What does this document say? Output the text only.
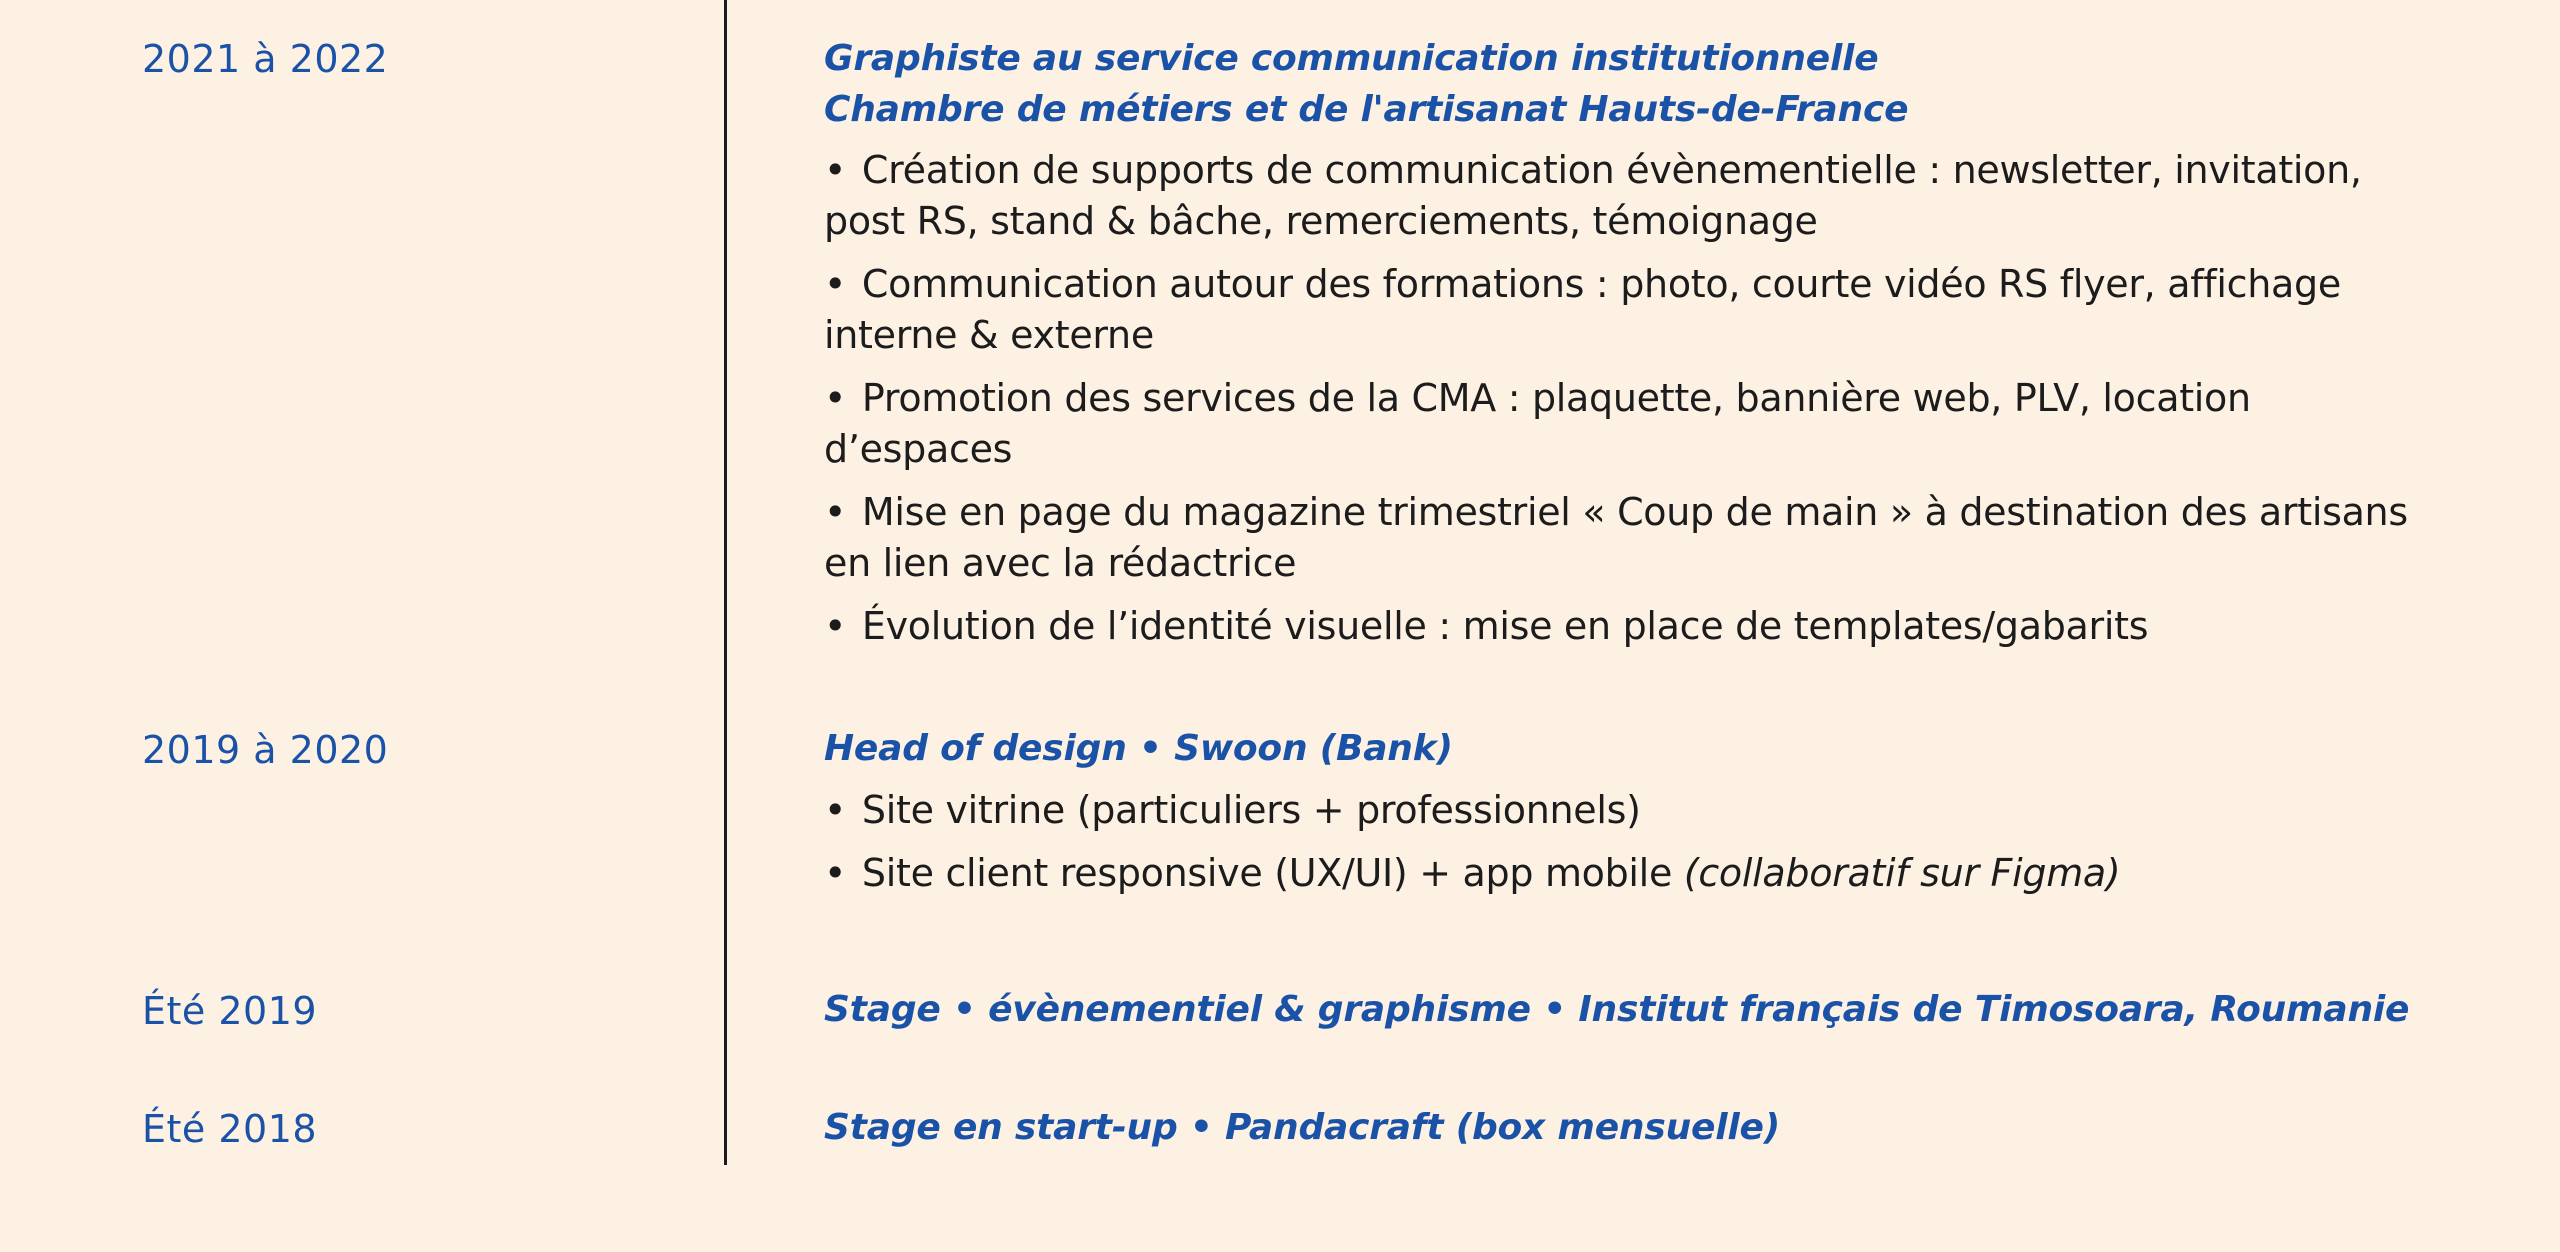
2021 à 2022	Graphiste au service communication institutionnelle
Chambre de métiers et de l'artisanat Hauts-de-France

• Création de supports de communication évènementielle : newsletter, invitation, post RS, stand & bâche, remerciements, témoignage

• Communication autour des formations : photo, courte vidéo RS flyer, affichage interne & externe

• Promotion des services de la CMA : plaquette, bannière web, PLV, location d’espaces

• Mise en page du magazine trimestriel « Coup de main » à destination des artisans en lien avec la rédactrice

• Évolution de l’identité visuelle : mise en place de templates/gabarits

2019 à 2020	Head of design • Swoon (Bank)

• Site vitrine (particuliers + professionnels)

• Site client responsive (UX/UI) + app mobile (collaboratif sur Figma)

Été 2019	Stage • évènementiel & graphisme • Institut français de Timosoara, Roumanie
Été 2018	Stage en start-up • Pandacraft (box mensuelle)
